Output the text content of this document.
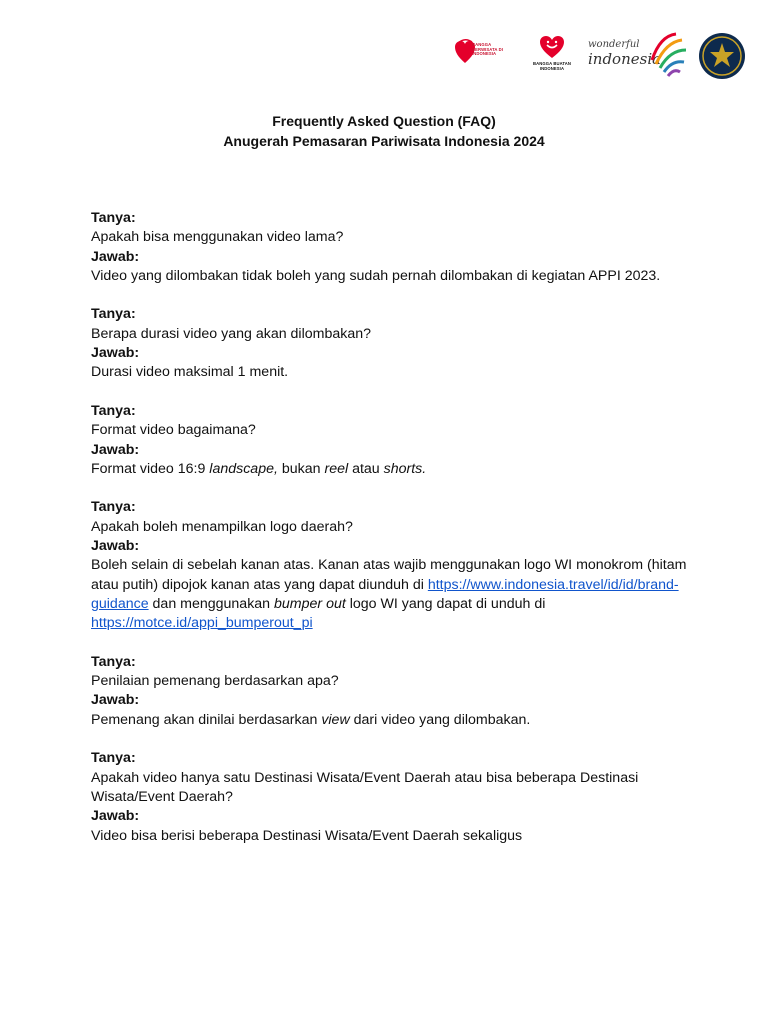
BANGGA BERWISATA DI INDONESIA
BANGGA BUATAN INDONESIA
wonderful
indonesia
Frequently Asked Question (FAQ)
Anugerah Pemasaran Pariwisata Indonesia 2024
Tanya:
Apakah bisa menggunakan video lama?
Jawab:
Video yang dilombakan tidak boleh yang sudah pernah dilombakan di kegiatan APPI 2023.
Tanya:
Berapa durasi video yang akan dilombakan?
Jawab:
Durasi video maksimal 1 menit.
Tanya:
Format video bagaimana?
Jawab:
Format video 16:9 landscape, bukan reel atau shorts.
Tanya:
Apakah boleh menampilkan logo daerah?
Jawab:
Boleh selain di sebelah kanan atas. Kanan atas wajib menggunakan logo WI monokrom (hitam atau putih) dipojok kanan atas yang dapat diunduh di https://www.indonesia.travel/id/id/brand-guidance dan menggunakan bumper out logo WI yang dapat di unduh di https://motce.id/appi_bumperout_pi
Tanya:
Penilaian pemenang berdasarkan apa?
Jawab:
Pemenang akan dinilai berdasarkan view dari video yang dilombakan.
Tanya:
Apakah video hanya satu Destinasi Wisata/Event Daerah atau bisa beberapa Destinasi Wisata/Event Daerah?
Jawab:
Video bisa berisi beberapa Destinasi Wisata/Event Daerah sekaligus
